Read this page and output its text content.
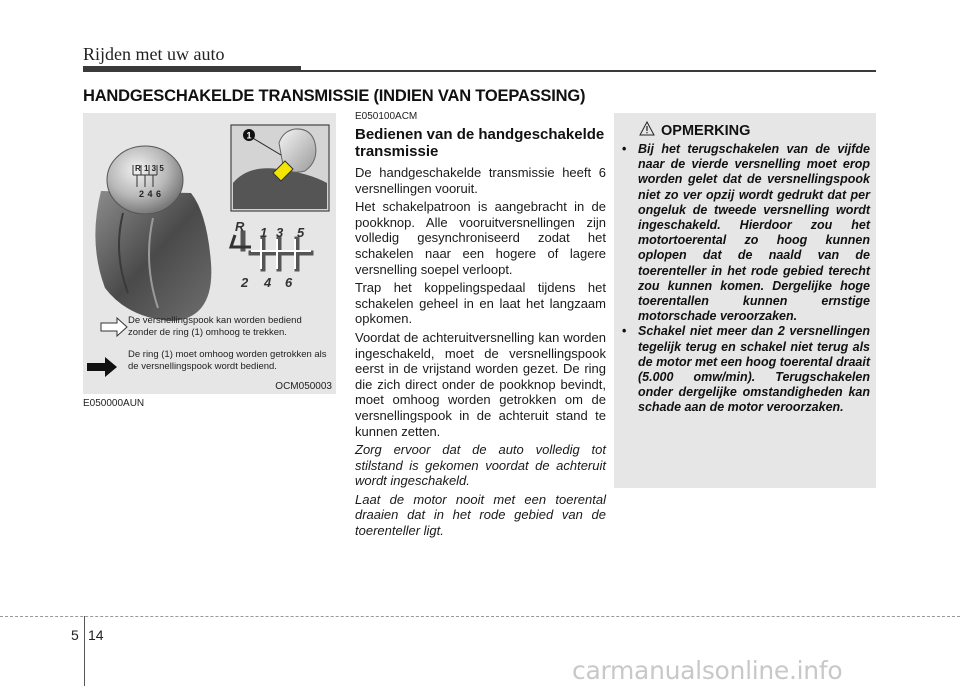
Rijden met uw auto
HANDGESCHAKELDE TRANSMISSIE (INDIEN VAN TOEPASSING)
R 1 3 5
2 4 6
1
R 1 3 5
2 4 6
De versnellingspook kan worden bediend zonder de ring (1) omhoog te trekken.
De ring (1) moet omhoog worden getrokken als de versnellingspook wordt bediend.
OCM050003
E050000AUN
E050100ACM
Bedienen van de handgeschakelde transmissie

De handgeschakelde transmissie heeft 6 versnellingen vooruit.

Het schakelpatroon is aangebracht in de pookknop. Alle vooruitversnellingen zijn volledig gesynchroniseerd zodat het schakelen naar een hogere of lagere versnelling soepel verloopt.

Trap het koppelingspedaal tijdens het schakelen geheel in en laat het langzaam opkomen.

Voordat de achteruitversnelling kan worden ingeschakeld, moet de versnellingspook eerst in de vrijstand worden gezet. De ring die zich direct onder de pookknop bevindt, moet omhoog worden getrokken om de versnellingspook in de achteruit stand te kunnen zetten.

Zorg ervoor dat de auto volledig tot stilstand is gekomen voordat de achteruit wordt ingeschakeld.

Laat de motor nooit met een toerental draaien dat in het rode gebied van de toerenteller ligt.

OPMERKING
• Bij het terugschakelen van de vijfde naar de vierde versnelling moet erop worden gelet dat de versnellingspook niet zo ver opzij wordt gedrukt dat per ongeluk de tweede versnelling wordt ingeschakeld. Hierdoor zou het motortoerental zo hoog kunnen oplopen dat de naald van de toerenteller in het rode gebied terecht zou kunnen komen. Dergelijke hoge toerentallen kunnen ernstige motorschade veroorzaken.
• Schakel niet meer dan 2 versnellingen tegelijk terug en schakel niet terug als de motor met een hoog toerental draait (5.000 omw/min). Terugschakelen onder dergelijke omstandigheden kan schade aan de motor veroorzaken.
5 14
carmanualsonline.info
